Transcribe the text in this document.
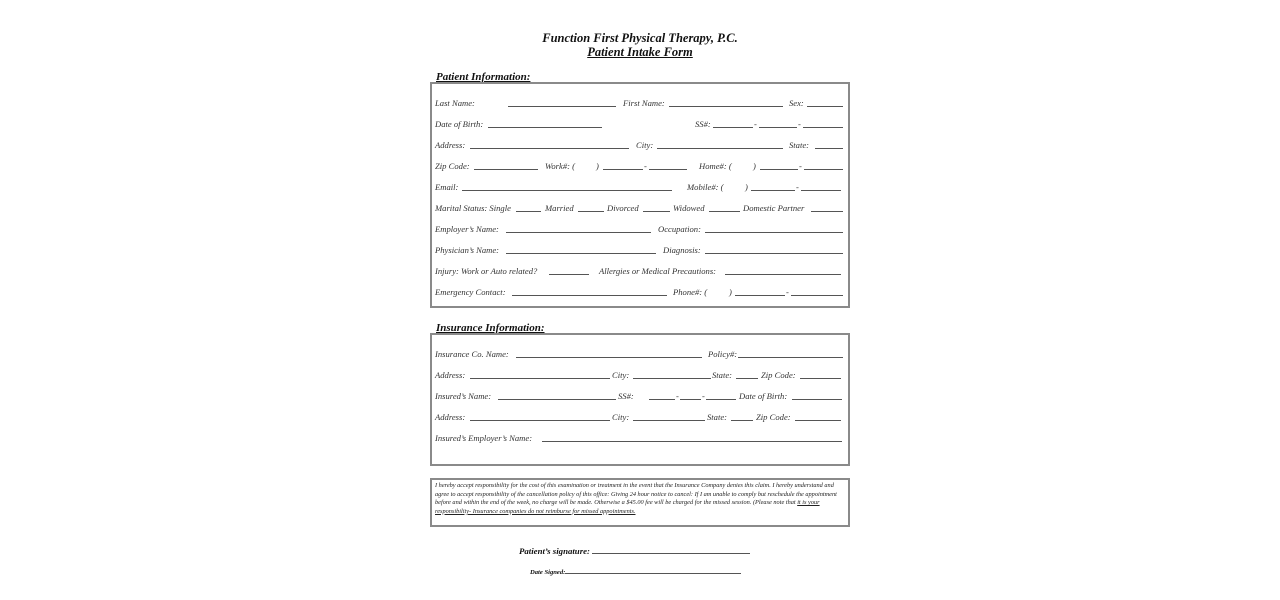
Function First Physical Therapy, P.C.
Patient Intake Form
Patient Information:
Last Name:	First Name:	Sex:
Date of Birth:	SS#:	-	-
Address:	City:	State:
Zip Code:	Work#: ( )	-	Home#: ( )	-
Email:	Mobile#: ( )	-
Marital Status: Single	Married	Divorced	Widowed	Domestic Partner
Employer’s Name:	Occupation:
Physician’s Name:	Diagnosis:
Injury: Work or Auto related?	Allergies or Medical Precautions:
Emergency Contact:	Phone#: (	)	-
Insurance Information:
Insurance Co. Name:	Policy#:
Address:	City:	State:	Zip Code:
Insured’s Name:	SS#:	-	-	Date of Birth:
Address:	City:	State:	Zip Code:
Insured’s Employer’s Name:
I hereby accept responsibility for the cost of this examination or treatment in the event that the Insurance Company denies this claim. I hereby understand and agree to accept responsibility of the cancellation policy of this office: Giving 24 hour notice to cancel: If I am unable to comply but reschedule the appointment before and within the end of the week, no charge will be made. Otherwise a $45.00 fee will be charged for the missed session. (Please note that it is your responsibility- Insurance companies do not reimburse for missed appointments.
Patient’s signature:
Date Signed:
